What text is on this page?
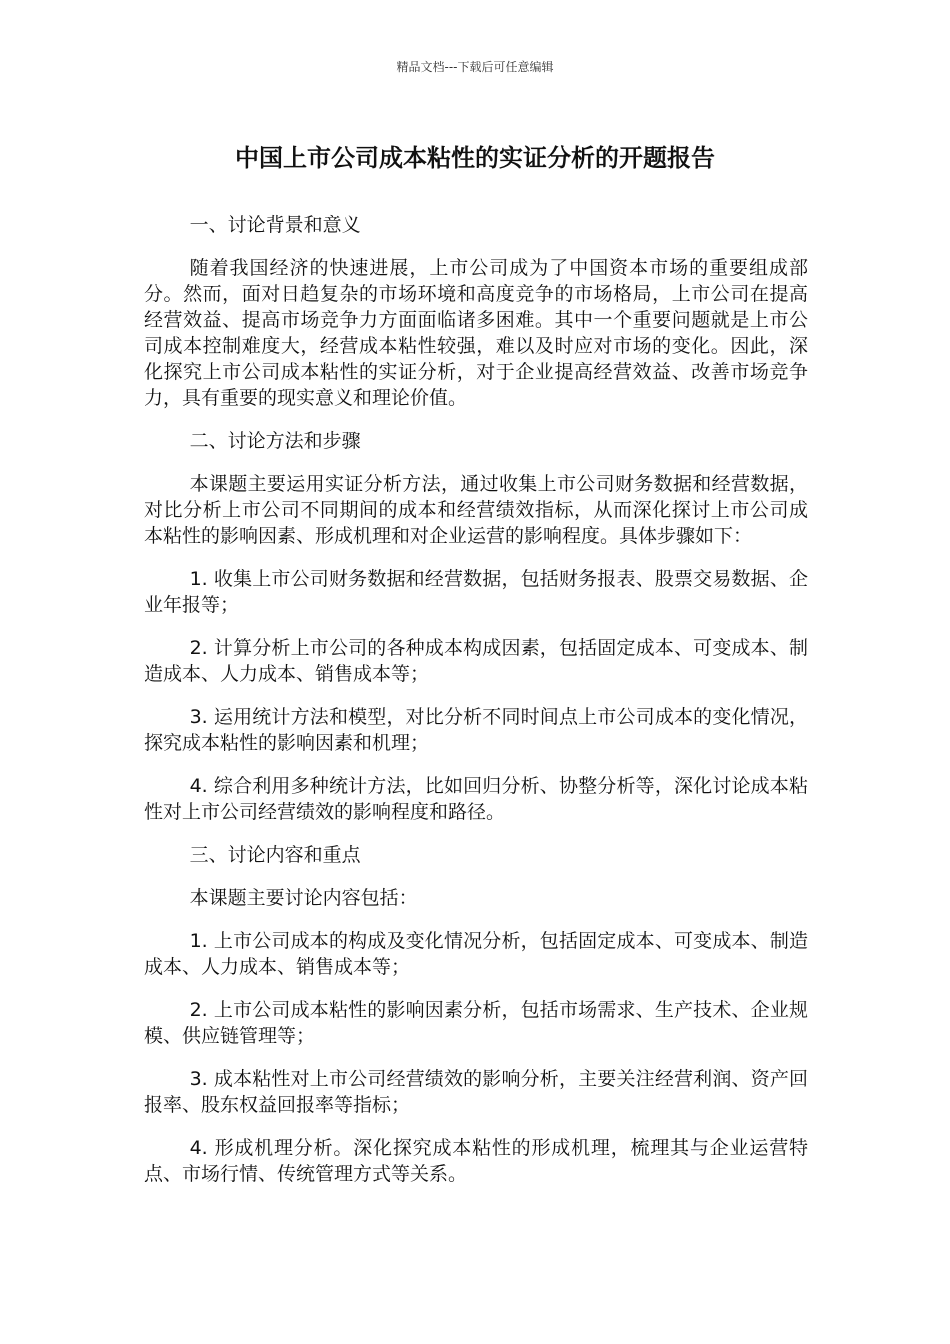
精品文档---下载后可任意编辑
中国上市公司成本粘性的实证分析的开题报告

一、讨论背景和意义

随着我国经济的快速进展，上市公司成为了中国资本市场的重要组成部分。然而，面对日趋复杂的市场环境和高度竞争的市场格局，上市公司在提高经营效益、提高市场竞争力方面面临诸多困难。其中一个重要问题就是上市公司成本控制难度大，经营成本粘性较强，难以及时应对市场的变化。因此，深化探究上市公司成本粘性的实证分析，对于企业提高经营效益、改善市场竞争力，具有重要的现实意义和理论价值。

二、讨论方法和步骤

本课题主要运用实证分析方法，通过收集上市公司财务数据和经营数据，对比分析上市公司不同期间的成本和经营绩效指标，从而深化探讨上市公司成本粘性的影响因素、形成机理和对企业运营的影响程度。具体步骤如下：

1. 收集上市公司财务数据和经营数据，包括财务报表、股票交易数据、企业年报等；

2. 计算分析上市公司的各种成本构成因素，包括固定成本、可变成本、制造成本、人力成本、销售成本等；

3. 运用统计方法和模型，对比分析不同时间点上市公司成本的变化情况，探究成本粘性的影响因素和机理；

4. 综合利用多种统计方法，比如回归分析、协整分析等，深化讨论成本粘性对上市公司经营绩效的影响程度和路径。

三、讨论内容和重点

本课题主要讨论内容包括：

1. 上市公司成本的构成及变化情况分析，包括固定成本、可变成本、制造成本、人力成本、销售成本等；

2. 上市公司成本粘性的影响因素分析，包括市场需求、生产技术、企业规模、供应链管理等；

3. 成本粘性对上市公司经营绩效的影响分析，主要关注经营利润、资产回报率、股东权益回报率等指标；

4. 形成机理分析。深化探究成本粘性的形成机理，梳理其与企业运营特点、市场行情、传统管理方式等关系。
